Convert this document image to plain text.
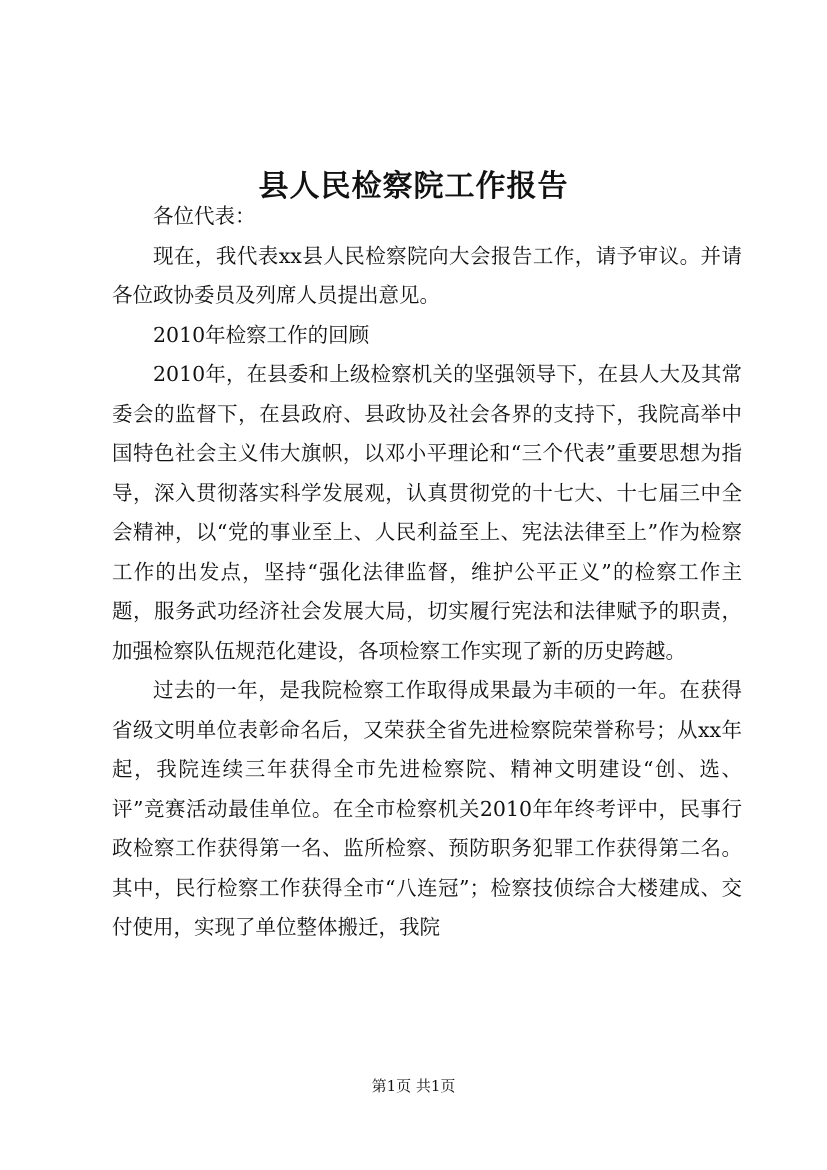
县人民检察院工作报告

各位代表：

现在，我代表xx县人民检察院向大会报告工作，请予审议。并请各位政协委员及列席人员提出意见。

2010年检察工作的回顾

2010年，在县委和上级检察机关的坚强领导下，在县人大及其常委会的监督下，在县政府、县政协及社会各界的支持下，我院高举中国特色社会主义伟大旗帜，以邓小平理论和“三个代表”重要思想为指导，深入贯彻落实科学发展观，认真贯彻党的十七大、十七届三中全会精神，以“党的事业至上、人民利益至上、宪法法律至上”作为检察工作的出发点，坚持“强化法律监督，维护公平正义”的检察工作主题，服务武功经济社会发展大局，切实履行宪法和法律赋予的职责，加强检察队伍规范化建设，各项检察工作实现了新的历史跨越。

过去的一年，是我院检察工作取得成果最为丰硕的一年。在获得省级文明单位表彰命名后，又荣获全省先进检察院荣誉称号；从xx年起，我院连续三年获得全市先进检察院、精神文明建设“创、选、评”竞赛活动最佳单位。在全市检察机关2010年年终考评中，民事行政检察工作获得第一名、监所检察、预防职务犯罪工作获得第二名。其中，民行检察工作获得全市“八连冠”；检察技侦综合大楼建成、交付使用，实现了单位整体搬迁，我院

第1页 共1页
